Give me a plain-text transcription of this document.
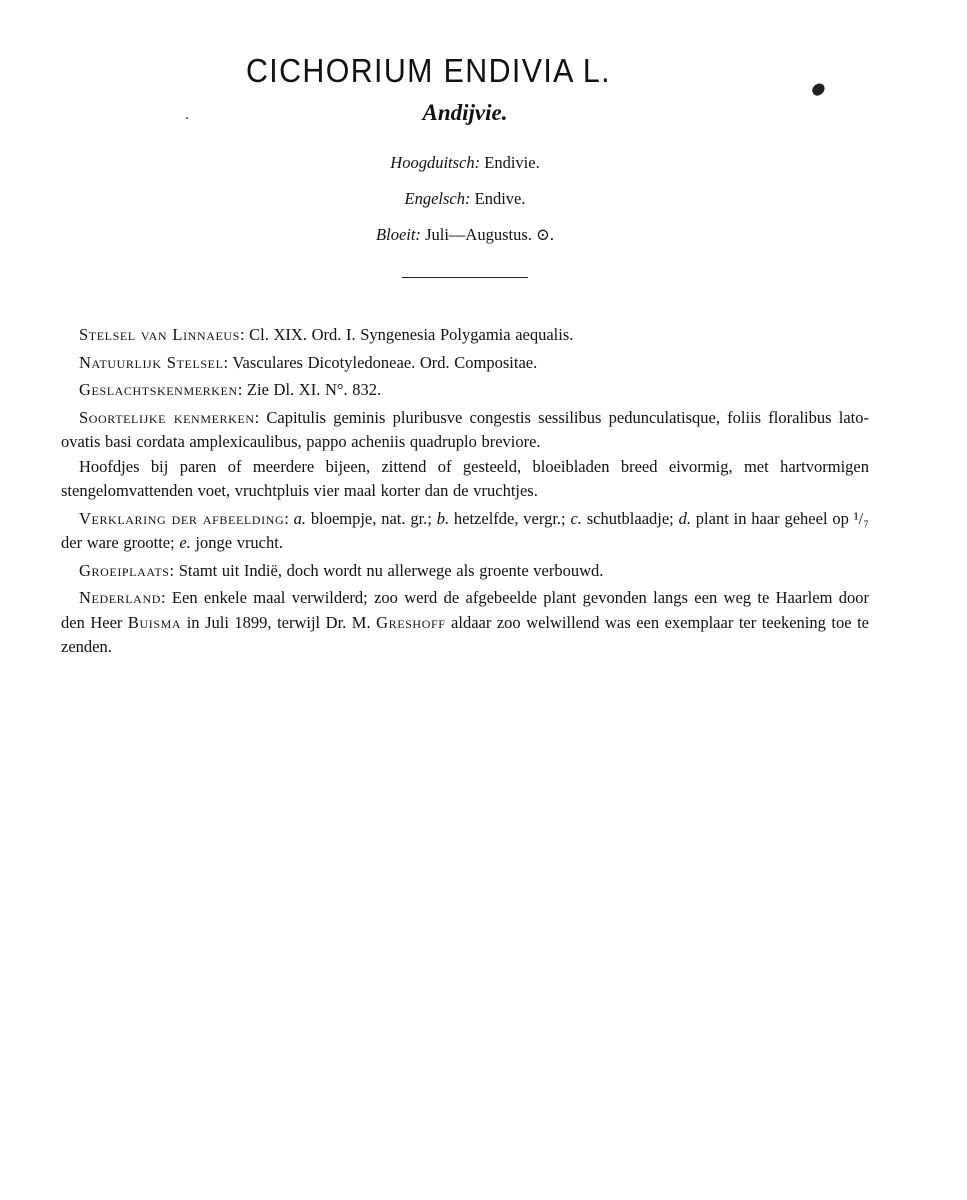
CICHORIUM ENDIVIA L.
Andijvie.
Hoogduitsch: Endivie.
Engelsch: Endive.
Bloeit: Juli—Augustus. ⊙.

Stelsel van Linnaeus: Cl. XIX. Ord. I. Syngenesia Polygamia aequalis.

Natuurlijk Stelsel: Vasculares Dicotyledoneae. Ord. Compositae.

Geslachtskenmerken: Zie Dl. XI. N°. 832.

Soortelijke kenmerken: Capitulis geminis pluribusve congestis sessilibus pedunculatisque, foliis floralibus lato-ovatis basi cordata amplexicaulibus, pappo acheniis quadruplo breviore.

Hoofdjes bij paren of meerdere bijeen, zittend of gesteeld, bloeibladen breed eivormig, met hartvormigen stengelomvattenden voet, vruchtpluis vier maal korter dan de vruchtjes.

Verklaring der afbeelding: a. bloempje, nat. gr.; b. hetzelfde, vergr.; c. schutblaadje; d. plant in haar geheel op ¹/₇ der ware grootte; e. jonge vrucht.

Groeiplaats: Stamt uit Indië, doch wordt nu allerwege als groente verbouwd.

Nederland: Een enkele maal verwilderd; zoo werd de afgebeelde plant gevonden langs een weg te Haarlem door den Heer Buisma in Juli 1899, terwijl Dr. M. Greshoff aldaar zoo welwillend was een exemplaar ter teekening toe te zenden.
